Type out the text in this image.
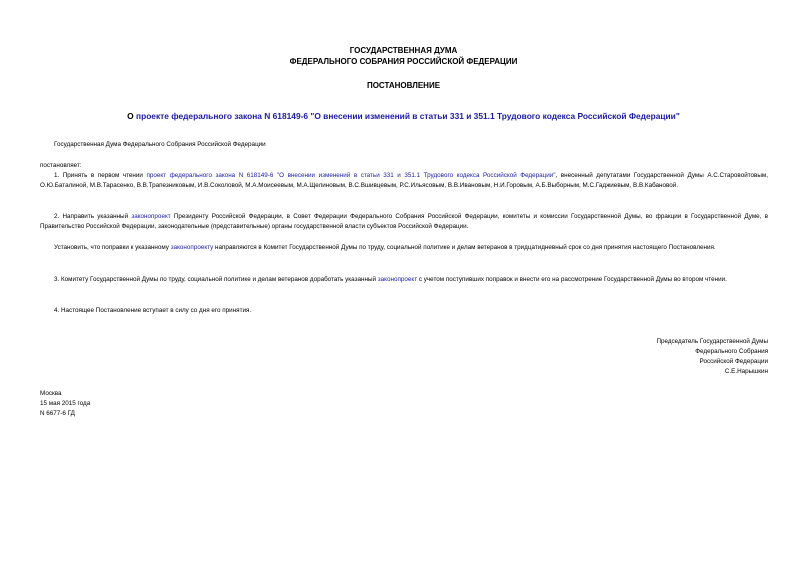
ГОСУДАРСТВЕННАЯ ДУМА
ФЕДЕРАЛЬНОГО СОБРАНИЯ РОССИЙСКОЙ ФЕДЕРАЦИИ
ПОСТАНОВЛЕНИЕ
О проекте федерального закона N 618149-6 "О внесении изменений в статьи 331 и 351.1 Трудового кодекса Российской Федерации"
Государственная Дума Федерального Собрания Российской Федерации
постановляет:
1. Принять в первом чтении проект федерального закона N 618149-6 "О внесении изменений в статьи 331 и 351.1 Трудового кодекса Российской Федерации", внесенный депутатами Государственной Думы А.С.Старовойтовым, О.Ю.Баталиной, М.В.Тарасенко, В.В.Трапезниковым, И.В.Соколовой, М.А.Моисеевым, М.А.Щелиновым, В.С.Вшивцевым, Р.С.Ильясовым, В.В.Ивановым, Н.И.Горовым, А.Б.Выборным, М.С.Гаджиевым, В.В.Кабановой.
2. Направить указанный законопроект Президенту Российской Федерации, в Совет Федерации Федерального Собрания Российской Федерации, комитеты и комиссии Государственной Думы, во фракции в Государственной Думе, в Правительство Российской Федерации, законодательные (представительные) органы государственной власти субъектов Российской Федерации.
Установить, что поправки к указанному законопроекту направляются в Комитет Государственной Думы по труду, социальной политике и делам ветеранов в тридцатидневный срок со дня принятия настоящего Постановления.
3. Комитету Государственной Думы по труду, социальной политике и делам ветеранов доработать указанный законопроект с учетом поступивших поправок и внести его на рассмотрение Государственной Думы во втором чтении.
4. Настоящее Постановление вступает в силу со дня его принятия.
Председатель Государственной Думы
Федерального Собрания
Российской Федерации
С.Е.Нарышкин
Москва
15 мая 2015 года
N 6677-6 ГД
